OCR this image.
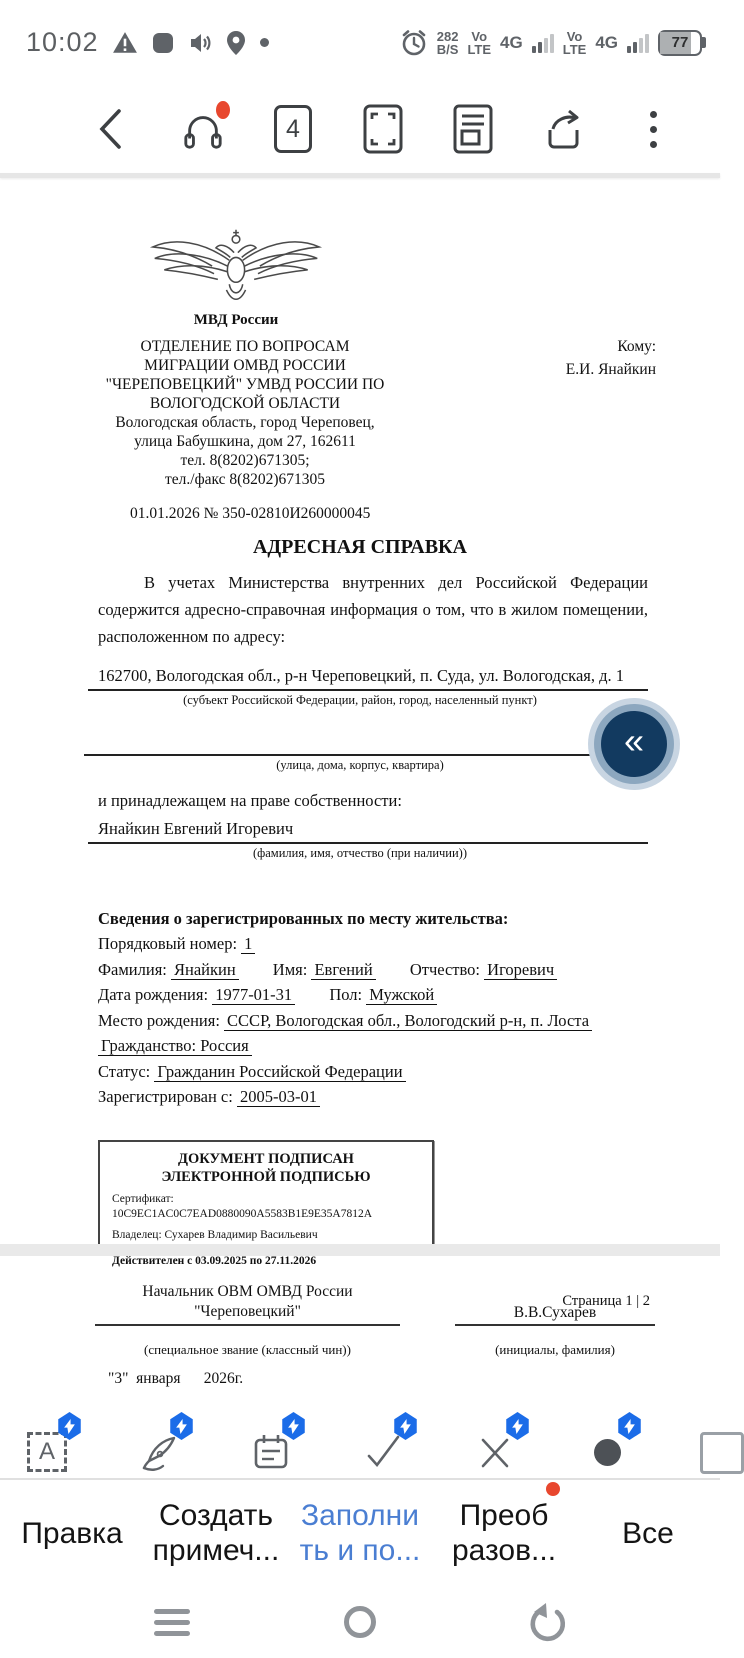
10:02	282
B/S
Vo
LTE 4G	Vo
LTE 4G	77
4
МВД России
ОТДЕЛЕНИЕ ПО ВОПРОСАМ
МИГРАЦИИ ОМВД РОССИИ
"ЧЕРЕПОВЕЦКИЙ" УМВД РОССИИ ПО
ВОЛОГОДСКОЙ ОБЛАСТИ
Вологодская область, город Череповец,
улица Бабушкина, дом 27, 162611
тел. 8(8202)671305;
тел./факс 8(8202)671305
Кому:
Е.И. Янайкин
01.01.2026 № 350-02810И260000045
АДРЕСНАЯ СПРАВКА
В учетах Министерства внутренних дел Российской Федерации содержится адресно-справочная информация о том, что в жилом помещении, расположенном по адресу:
162700, Вологодская обл., р-н Череповецкий, п. Суда, ул. Вологодская, д. 1
(субъект Российской Федерации, район, город, населенный пункт)
(улица, дома, корпус, квартира)
и принадлежащем на праве собственности:
Янайкин Евгений Игоревич
(фамилия, имя, отчество (при наличии))
Сведения о зарегистрированных по месту жительства:
Порядковый номер: 1
Фамилия: Янайкин Имя: Евгений Отчество: Игоревич
Дата рождения: 1977-01-31 Пол: Мужской
Место рождения: СССР, Вологодская обл., Вологодский р-н, п. Лоста
Гражданство: Россия
Статус: Гражданин Российской Федерации
Зарегистрирован с: 2005-03-01
ДОКУМЕНТ ПОДПИСАН
ЭЛЕКТРОННОЙ ПОДПИСЬЮ
Сертификат:
10C9EC1AC0C7EAD0880090A5583B1E9E35A7812A
Владелец: Сухарев Владимир Васильевич
Действителен с 03.09.2025 по 27.11.2026
Страница 1 | 2
Начальник ОВМ ОМВД России
"Череповецкий"	В.В.Сухарев
(специальное звание (классный чин))	(инициалы, фамилия)
"3"  января      2026г.
A
Правка
Создать
примеч...
Заполни
ть и по...
Преоб
разов...
Все
«
